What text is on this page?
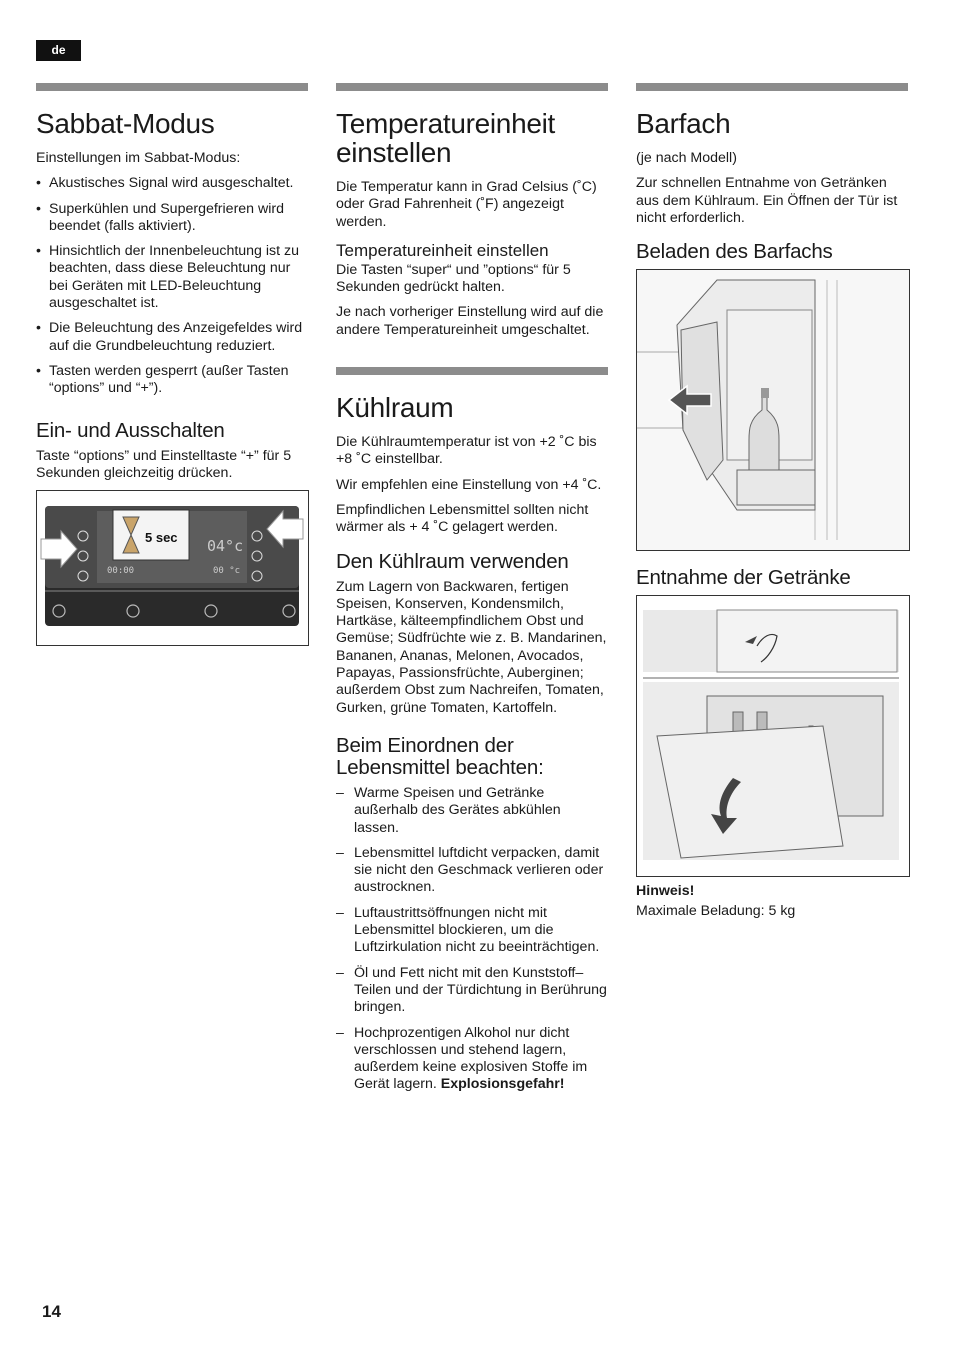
de
Sabbat-Modus

Einstellungen im Sabbat-Modus:

• Akustisches Signal wird ausgeschaltet.
• Superkühlen und Supergefrieren wird beendet (falls aktiviert).
• Hinsichtlich der Innenbeleuchtung ist zu beachten, dass diese Beleuchtung nur bei Geräten mit LED-Beleuchtung ausgeschaltet ist.
• Die Beleuchtung des Anzeigefeldes wird auf die Grundbeleuchtung reduziert.
• Tasten werden gesperrt (außer Tasten “options” und “+”).
Ein- und Ausschalten

Taste “options” und Einstelltaste “+” für 5 Sekunden gleichzeitig drücken.

04°c
00:00	00 °c
5 sec
Temperatureinheit einstellen

Die Temperatur kann in Grad Celsius (˚C) oder Grad Fahrenheit (˚F) angezeigt werden.

Temperatureinheit einstellen

Die Tasten “super“ und ”options“ für 5 Sekunden gedrückt halten.

Je nach vorheriger Einstellung wird auf die andere Temperatureinheit umgeschaltet.

Kühlraum

Die Kühlraumtemperatur ist von +2 ˚C bis +8 ˚C einstellbar.

Wir empfehlen eine Einstellung von +4 ˚C.

Empfindlichen Lebensmittel sollten nicht wärmer als + 4 ˚C gelagert werden.

Den Kühlraum verwenden

Zum Lagern von Backwaren, fertigen Speisen, Konserven, Kondensmilch, Hartkäse, kälteempfindlichem Obst und Gemüse; Südfrüchte wie z. B. Mandarinen, Bananen, Ananas, Melonen, Avocados, Papayas, Passionsfrüchte, Auberginen; außerdem Obst zum Nachreifen, Tomaten, Gurken, grüne Tomaten, Kartoffeln.

Beim Einordnen der Lebensmittel beachten:
– Warme Speisen und Getränke außerhalb des Gerätes abkühlen lassen.
– Lebensmittel luftdicht verpacken, damit sie nicht den Geschmack verlieren oder austrocknen.
– Luftaustrittsöffnungen nicht mit Lebensmittel blockieren, um die Luftzirkulation nicht zu beeinträchtigen.
– Öl und Fett nicht mit den Kunststoff–Teilen und der Türdichtung in Berührung bringen.
– Hochprozentigen Alkohol nur dicht verschlossen und stehend lagern, außerdem keine explosiven Stoffe im Gerät lagern. Explosionsgefahr!
Barfach

(je nach Modell)

Zur schnellen Entnahme von Getränken aus dem Kühlraum. Ein Öffnen der Tür ist nicht erforderlich.

Beladen des Barfachs
Entnahme der Getränke
Hinweis!

Maximale Beladung: 5 kg

14
